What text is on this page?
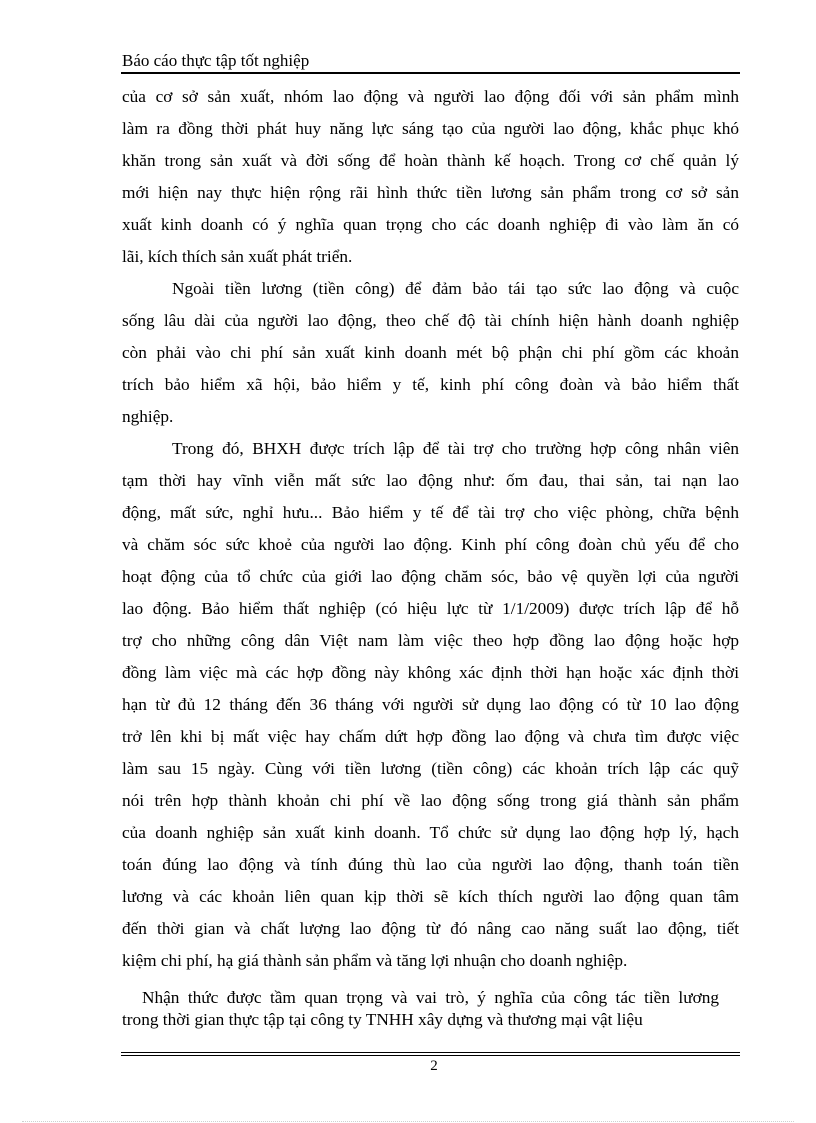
Báo cáo thực tập tốt nghiệp
của cơ sở sản xuất, nhóm lao động và người lao động đối với sản phẩm mình
làm ra đồng thời phát huy năng lực sáng tạo của người lao động, khắc phục khó
khăn trong sản xuất và đời sống để hoàn thành kế hoạch. Trong cơ chế quản lý
mới hiện nay thực hiện rộng rãi hình thức tiền lương sản phẩm trong cơ sở sản
xuất kinh doanh có ý nghĩa quan trọng cho các doanh nghiệp đi vào làm ăn có
lãi, kích thích sản xuất phát triển.
Ngoài tiền lương (tiền công) để đảm bảo tái tạo sức lao động và cuộc
sống lâu dài của người lao động, theo chế độ tài chính hiện hành doanh nghiệp
còn phải vào chi phí sản xuất kinh doanh mét bộ phận chi phí gồm các khoản
trích bảo hiểm xã hội, bảo hiểm y tế, kinh phí công đoàn và bảo hiểm thất
nghiệp.
Trong đó, BHXH được trích lập để tài trợ cho trường hợp công nhân viên
tạm thời hay vĩnh viễn mất sức lao động như: ốm đau, thai sản, tai nạn lao
động, mất sức, nghỉ hưu... Bảo hiểm y tế để tài trợ cho việc phòng, chữa bệnh
và chăm sóc sức khoẻ của người lao động. Kinh phí công đoàn chủ yếu để cho
hoạt động của tổ chức của giới lao động chăm sóc, bảo vệ quyền lợi của người
lao động. Bảo hiểm thất nghiệp (có hiệu lực từ 1/1/2009) được trích lập để hỗ
trợ cho những công dân Việt nam làm việc theo hợp đồng lao động hoặc hợp
đồng làm việc mà các hợp đồng này không xác định thời hạn hoặc xác định thời
hạn từ đủ 12 tháng đến 36 tháng với người sử dụng lao động có từ 10 lao động
trở lên khi bị mất việc hay chấm dứt hợp đồng lao động và chưa tìm được việc
làm sau 15 ngày. Cùng với tiền lương (tiền công) các khoản trích lập các quỹ
nói trên hợp thành khoản chi phí về lao động sống trong giá thành sản phẩm
của doanh nghiệp sản xuất kinh doanh. Tổ chức sử dụng lao động hợp lý, hạch
toán đúng lao động và tính đúng thù lao của người lao động, thanh toán tiền
lương và các khoản liên quan kịp thời sẽ kích thích người lao động quan tâm
đến thời gian và chất lượng lao động từ đó nâng cao năng suất lao động, tiết
kiệm chi phí, hạ giá thành sản phẩm và tăng lợi nhuận cho doanh nghiệp.
Nhận thức được tầm quan trọng và vai trò, ý nghĩa của công tác tiền lương
trong thời gian thực tập tại công ty TNHH xây dựng và thương mại vật liệu
2
